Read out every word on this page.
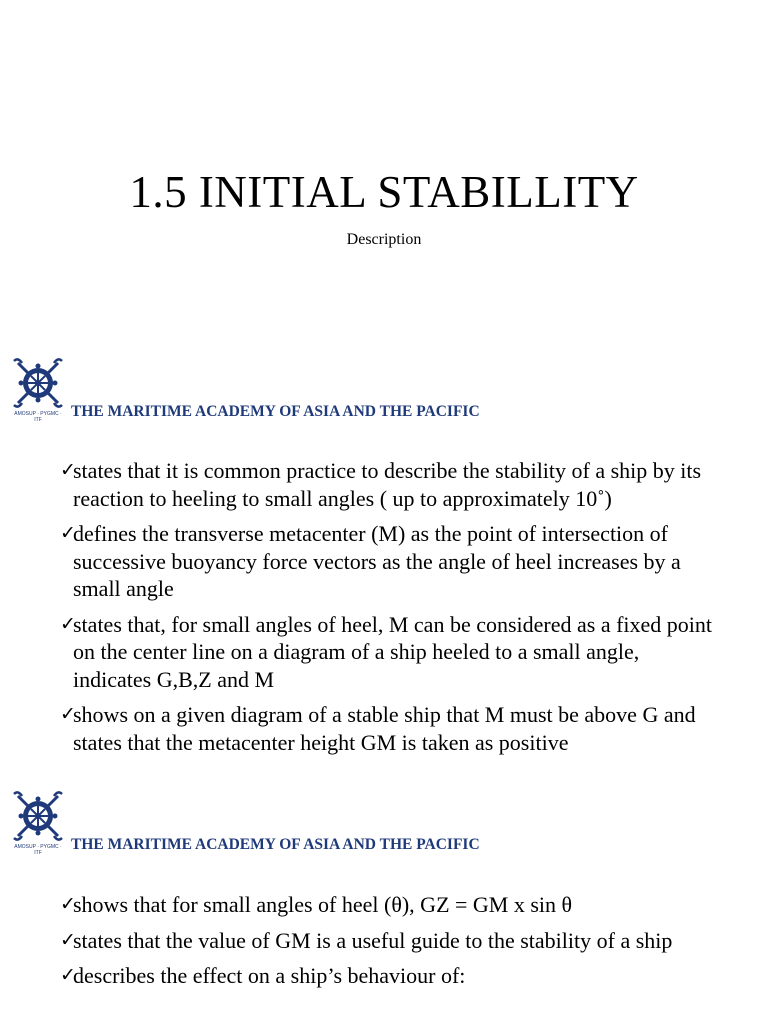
1.5 INITIAL STABILLITY
Description
AMOSUP · PYGMC · ITF	THE MARITIME ACADEMY OF ASIA AND THE PACIFIC
✓
states that it is common practice to describe the stability of a ship by its reaction to heeling to small angles ( up to approximately 10˚)
✓
defines the transverse metacenter (M) as the point of intersection of successive buoyancy force vectors as the angle of heel increases by a small angle
✓
states that, for small angles of heel, M can be considered as a fixed point on the center line on a diagram of a ship heeled to a small angle, indicates G,B,Z and M
✓
shows on a given diagram of a stable ship that M must be above G and states that the metacenter height GM is taken as positive
AMOSUP · PYGMC · ITF	THE MARITIME ACADEMY OF ASIA AND THE PACIFIC
✓
shows that for small angles of heel (θ), GZ = GM x sin θ
✓
states that the value of GM is a useful guide to the stability of a ship
✓
describes the effect on a ship’s behaviour of:
